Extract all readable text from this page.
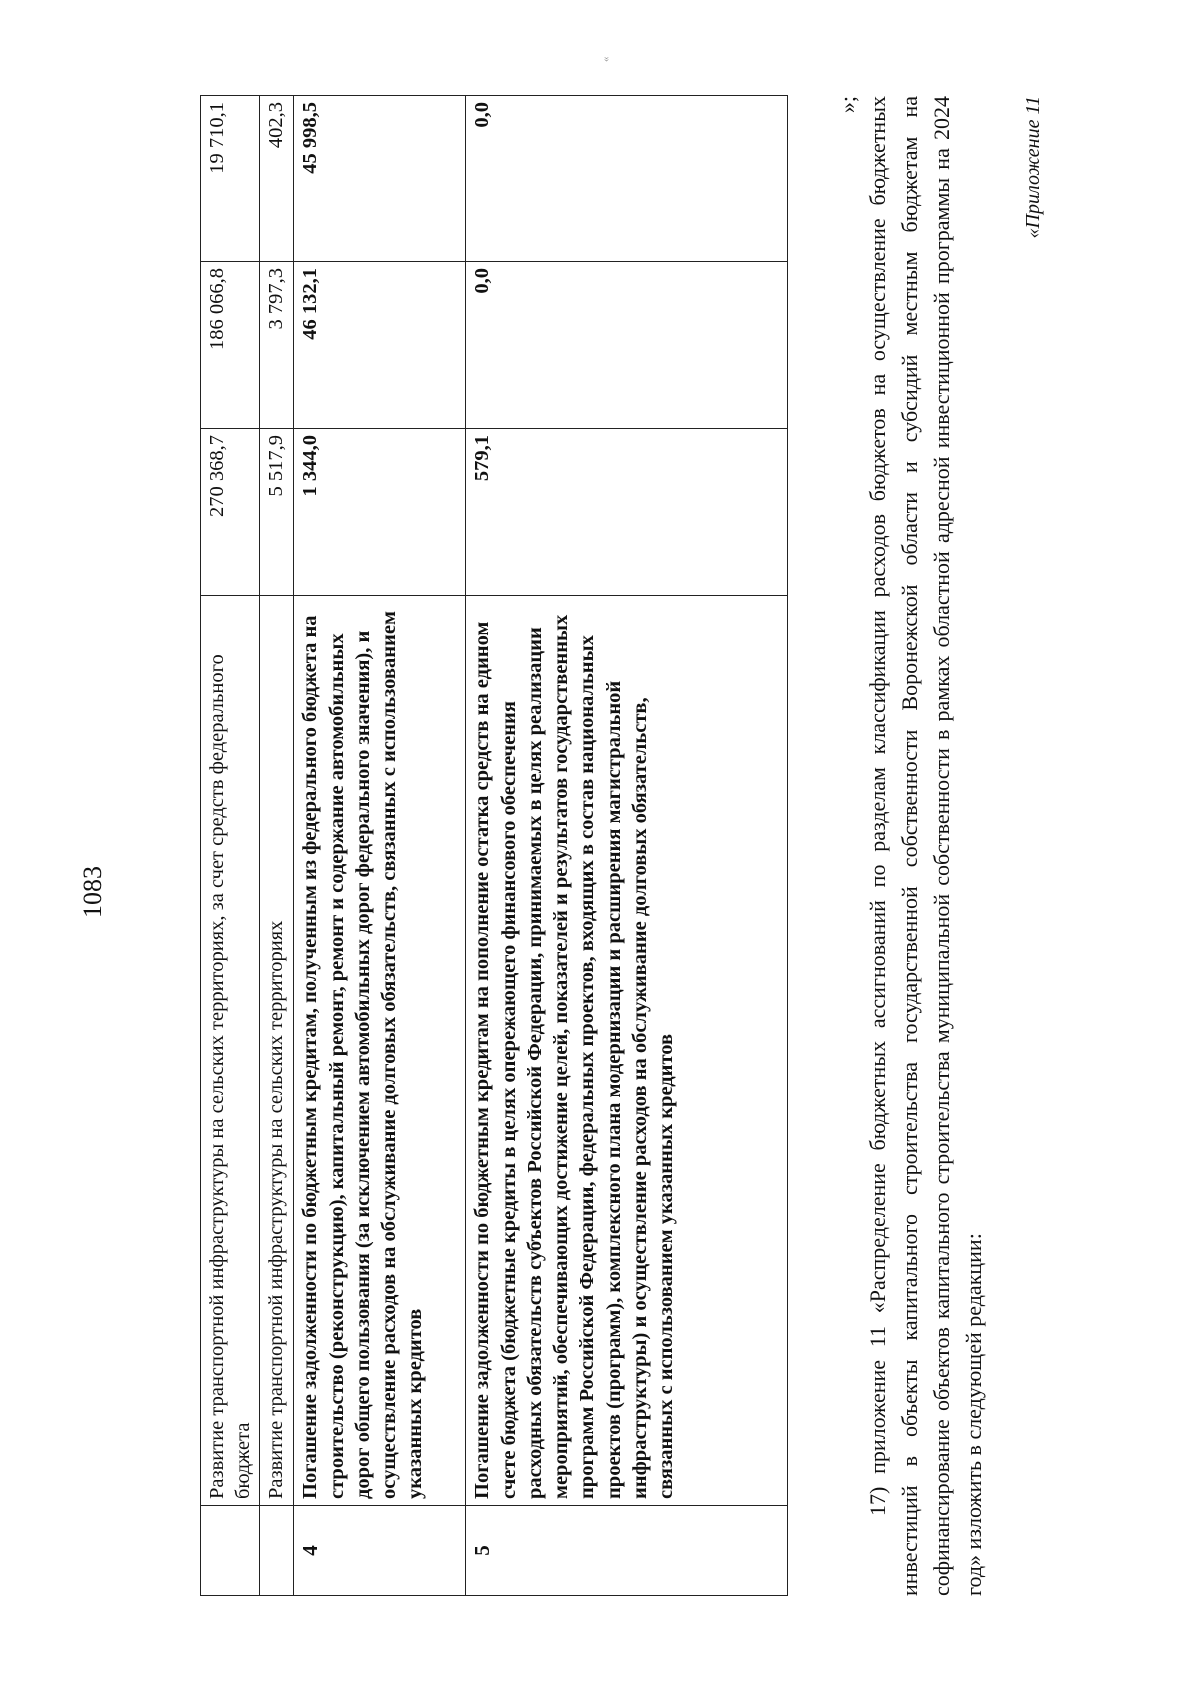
1083
		Развитие транспортной инфраструктуры на сельских территориях, за счет средств федерального бюджета	270 368,7	186 066,8	19 710,1
	Развитие транспортной инфраструктуры на сельских территориях	5 517,9	3 797,3	402,3
4	Погашение задолженности по бюджетным кредитам, полученным из федерального бюджета на строительство (реконструкцию), капитальный ремонт, ремонт и содержание автомобильных дорог общего пользования (за исключением автомобильных дорог федерального значения), и осуществление расходов на обслуживание долговых обязательств, связанных с использованием указанных кредитов	1 344,0	46 132,1	45 998,5
5	Погашение задолженности по бюджетным кредитам на пополнение остатка средств на едином счете бюджета (бюджетные кредиты в целях опережающего финансового обеспечения расходных обязательств субъектов Российской Федерации, принимаемых в целях реализации мероприятий, обеспечивающих достижение целей, показателей и результатов государственных программ Российской Федерации, федеральных проектов, входящих в состав национальных проектов (программ), комплексного плана модернизации и расширения магистральной инфраструктуры) и осуществление расходов на обслуживание долговых обязательств, связанных с использованием указанных кредитов	579,1	0,0	0,0	»; 17) приложение 11 «Распределение бюджетных ассигнований по разделам классификации расходов бюджетов на осуществление бюджетных инвестиций в объекты капитального строительства государственной собственности Воронежской области и субсидий местным бюджетам на софинансирование объектов капитального строительства муниципальной собственности в рамках областной адресной инвестиционной программы на 2024 год» изложить в следующей редакции:

«Приложение 11
«
